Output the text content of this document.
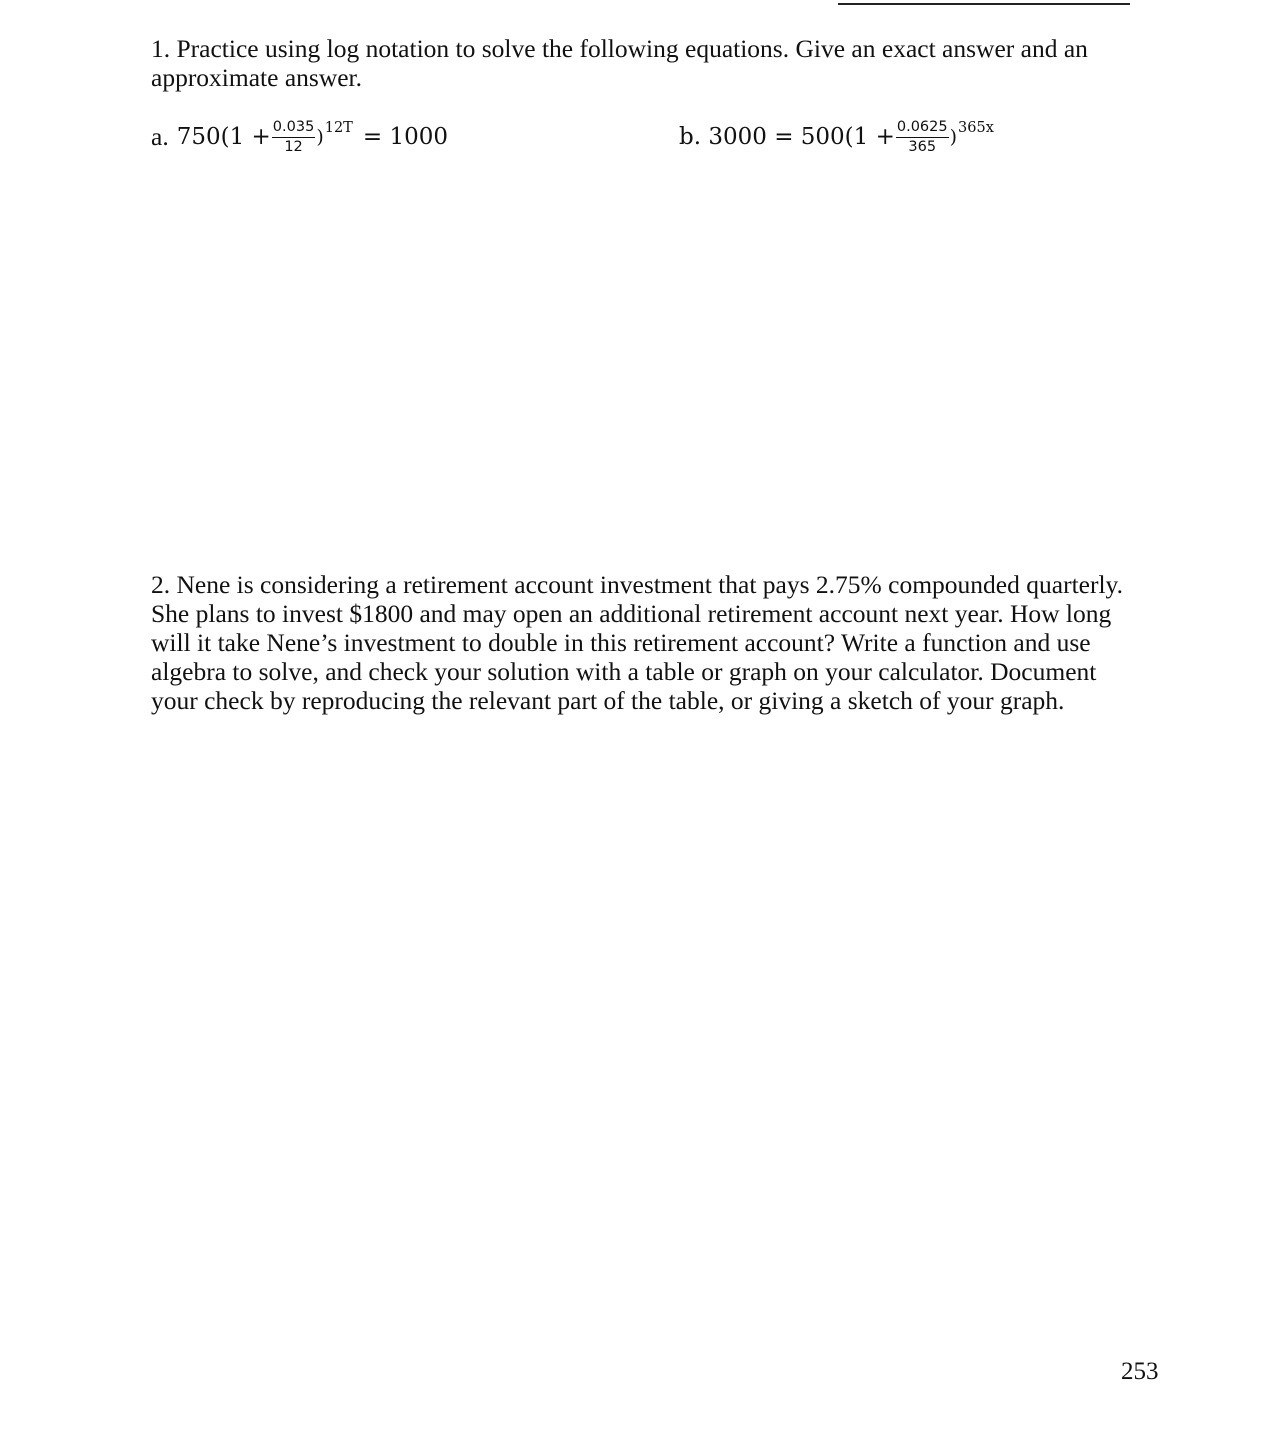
1. Practice using log notation to solve the following equations. Give an exact answer and an approximate answer.
a. $750(1 + \frac{0.035}{12}$ ) 12T = 1000	b. $3000 = 500(1 + \frac{0.0625}{365}$ ) 365x
2. Nene is considering a retirement account investment that pays 2.75% compounded quarterly. She plans to invest $1800 and may open an additional retirement account next year. How long will it take Nene’s investment to double in this retirement account? Write a function and use algebra to solve, and check your solution with a table or graph on your calculator. Document your check by reproducing the relevant part of the table, or giving a sketch of your graph.
253
